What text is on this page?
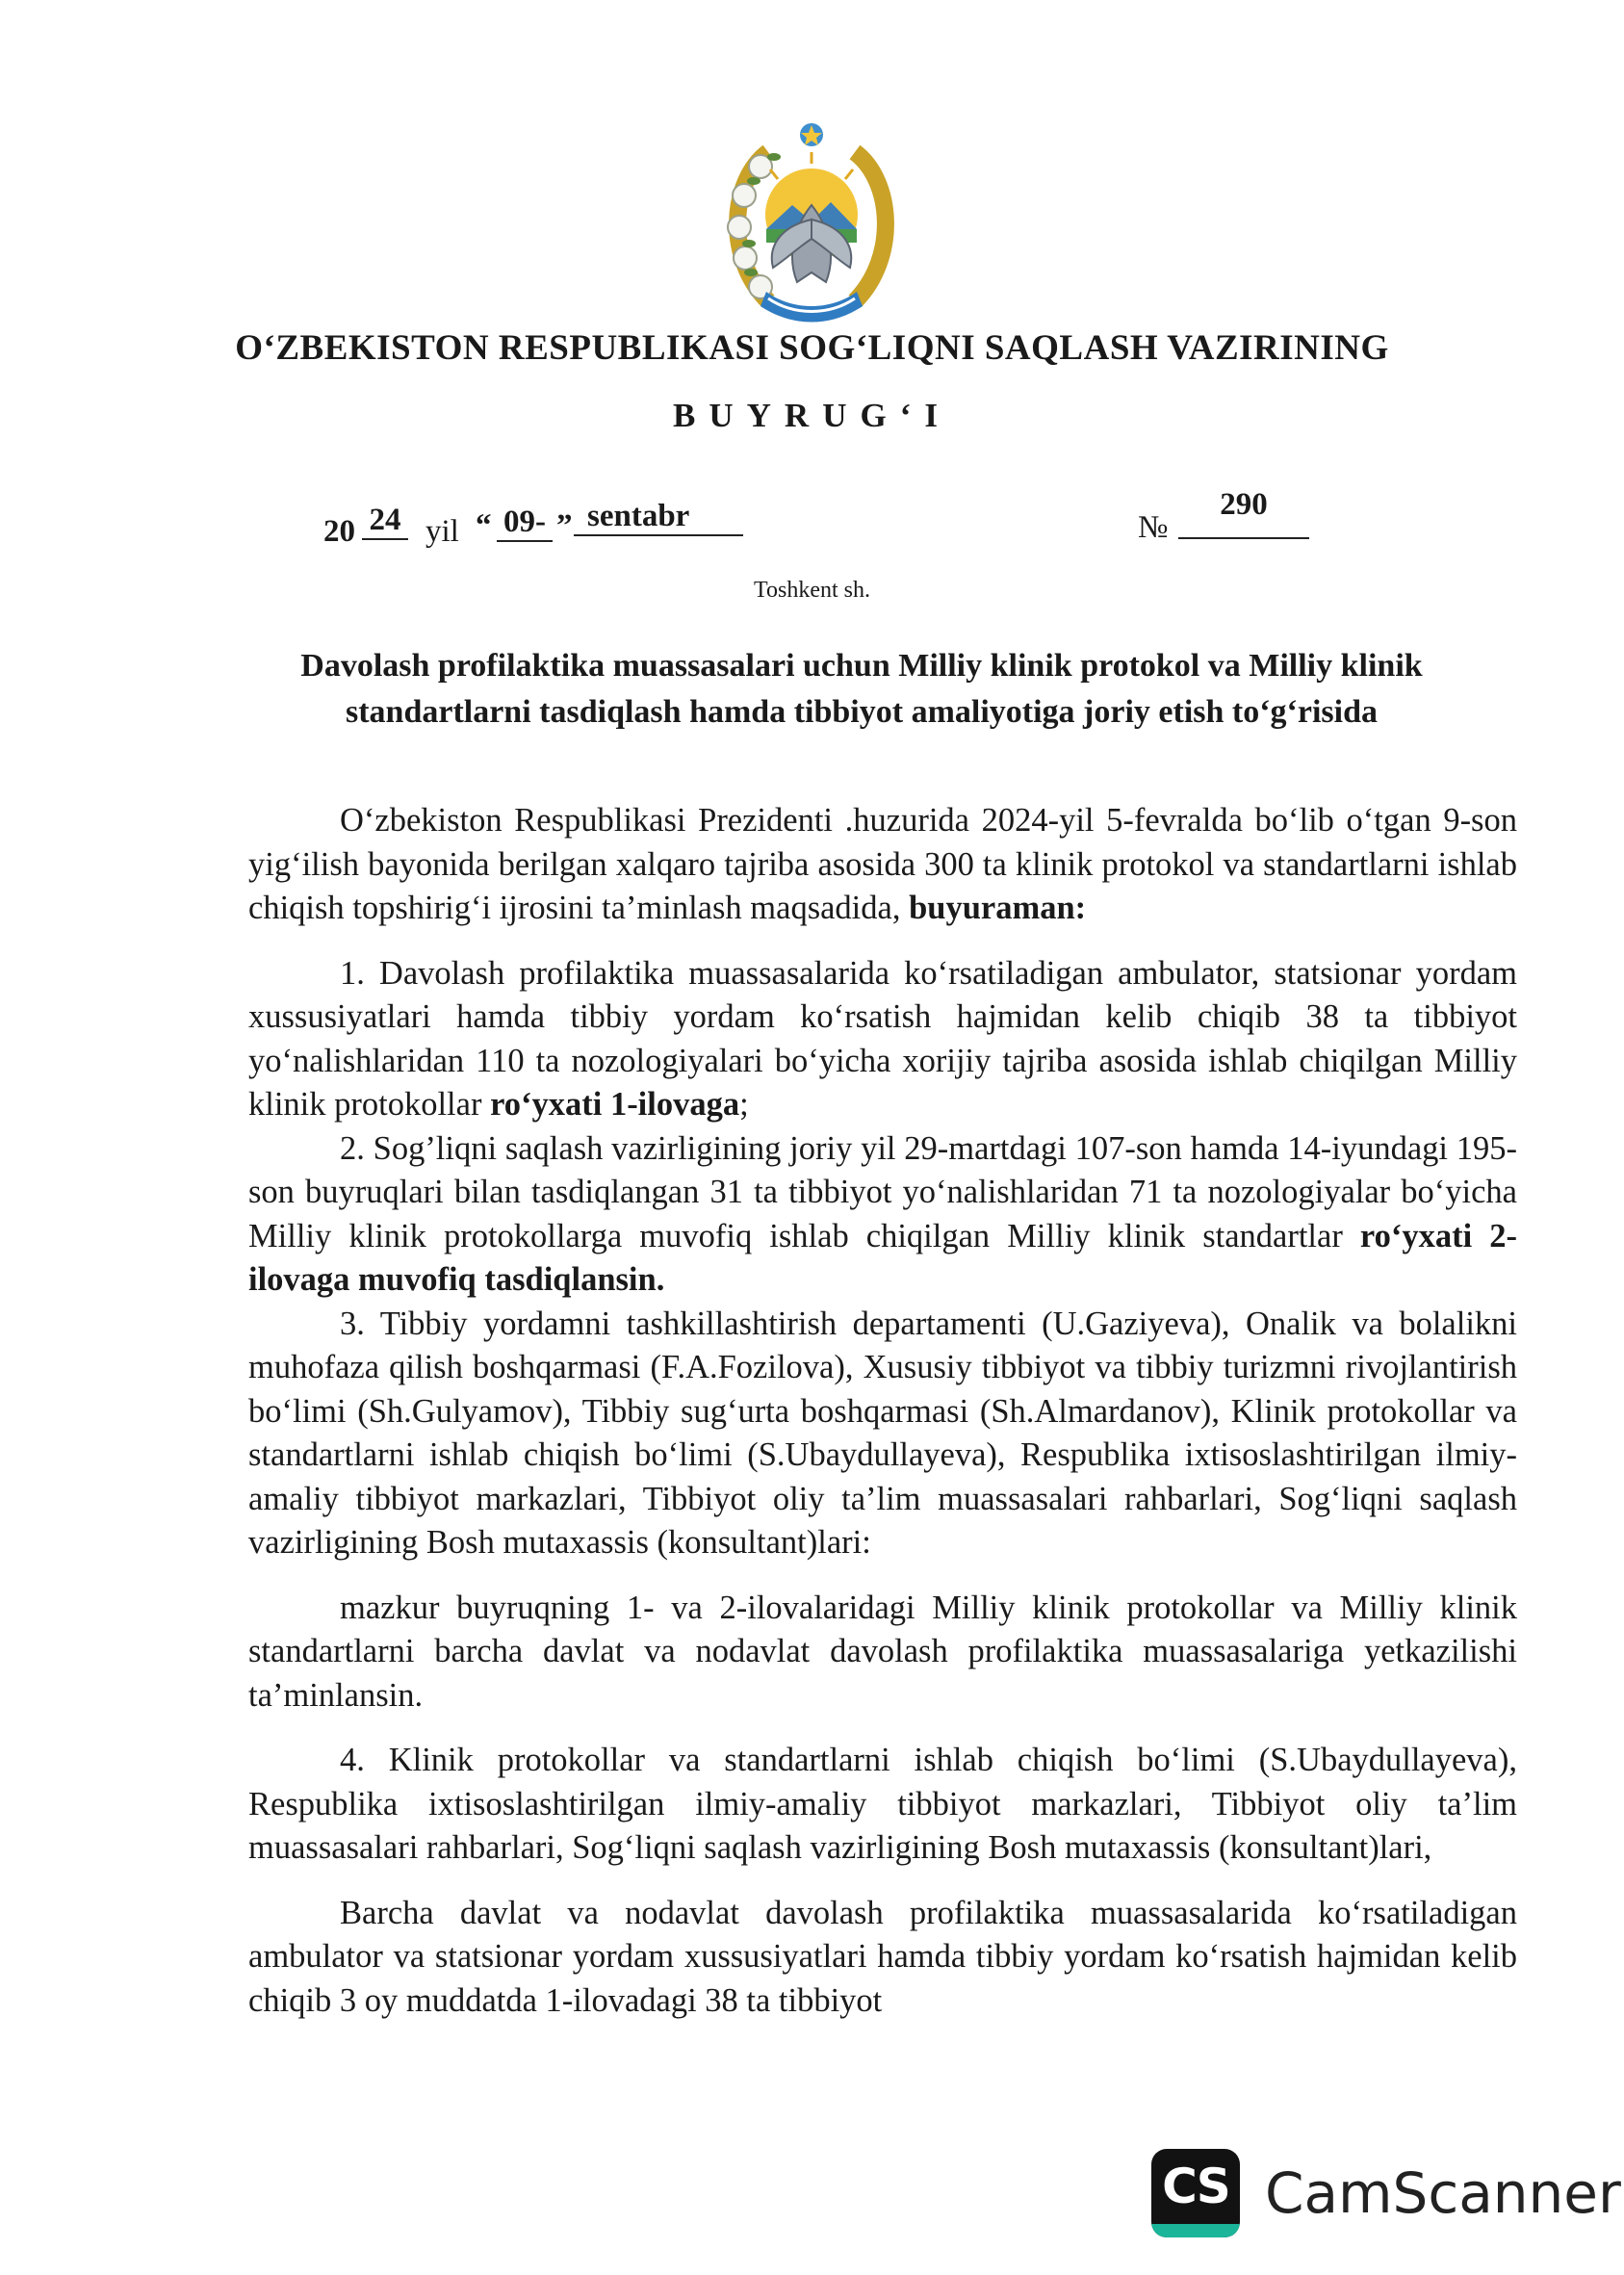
O‘ZBEKISTON RESPUBLIKASI SOG‘LIQNI SAQLASH VAZIRINING
BUYRUG‘I
20 24 yil “ 09- ” sentabr	№
290
Toshkent sh.
Davolash profilaktika muassasalari uchun Milliy klinik protokol va Milliy klinik standartlarni tasdiqlash hamda tibbiyot amaliyotiga joriy etish to‘g‘risida

O‘zbekiston Respublikasi Prezidenti .huzurida 2024-yil 5-fevralda bo‘lib o‘tgan 9-son yig‘ilish bayonida berilgan xalqaro tajriba asosida 300 ta klinik protokol va standartlarni ishlab chiqish topshirig‘i ijrosini ta’minlash maqsadida, buyuraman:

1. Davolash profilaktika muassasalarida ko‘rsatiladigan ambulator, statsionar yordam xussusiyatlari hamda tibbiy yordam ko‘rsatish hajmidan kelib chiqib 38 ta tibbiyot yo‘nalishlaridan 110 ta nozologiyalari bo‘yicha xorijiy tajriba asosida ishlab chiqilgan Milliy klinik protokollar ro‘yxati 1-ilovaga;

2. Sog’liqni saqlash vazirligining joriy yil 29-martdagi 107-son hamda 14-iyundagi 195-son buyruqlari bilan tasdiqlangan 31 ta tibbiyot yo‘nalishlaridan 71 ta nozologiyalar bo‘yicha Milliy klinik protokollarga muvofiq ishlab chiqilgan Milliy klinik standartlar ro‘yxati 2-ilovaga muvofiq tasdiqlansin.

3. Tibbiy yordamni tashkillashtirish departamenti (U.Gaziyeva), Onalik va bolalikni muhofaza qilish boshqarmasi (F.A.Fozilova), Xususiy tibbiyot va tibbiy turizmni rivojlantirish bo‘limi (Sh.Gulyamov), Tibbiy sug‘urta boshqarmasi (Sh.Almardanov), Klinik protokollar va standartlarni ishlab chiqish bo‘limi (S.Ubaydullayeva), Respublika ixtisoslashtirilgan ilmiy-amaliy tibbiyot markazlari, Tibbiyot oliy ta’lim muassasalari rahbarlari, Sog‘liqni saqlash vazirligining Bosh mutaxassis (konsultant)lari:

mazkur buyruqning 1- va 2-ilovalaridagi Milliy klinik protokollar va Milliy klinik standartlarni barcha davlat va nodavlat davolash profilaktika muassasalariga yetkazilishi ta’minlansin.

4. Klinik protokollar va standartlarni ishlab chiqish bo‘limi (S.Ubaydullayeva), Respublika ixtisoslashtirilgan ilmiy-amaliy tibbiyot markazlari, Tibbiyot oliy ta’lim muassasalari rahbarlari, Sog‘liqni saqlash vazirligining Bosh mutaxassis (konsultant)lari,

Barcha davlat va nodavlat davolash profilaktika muassasalarida ko‘rsatiladigan ambulator va statsionar yordam xussusiyatlari hamda tibbiy yordam ko‘rsatish hajmidan kelib chiqib 3 oy muddatda 1-ilovadagi 38 ta tibbiyot

CS CamScanner
